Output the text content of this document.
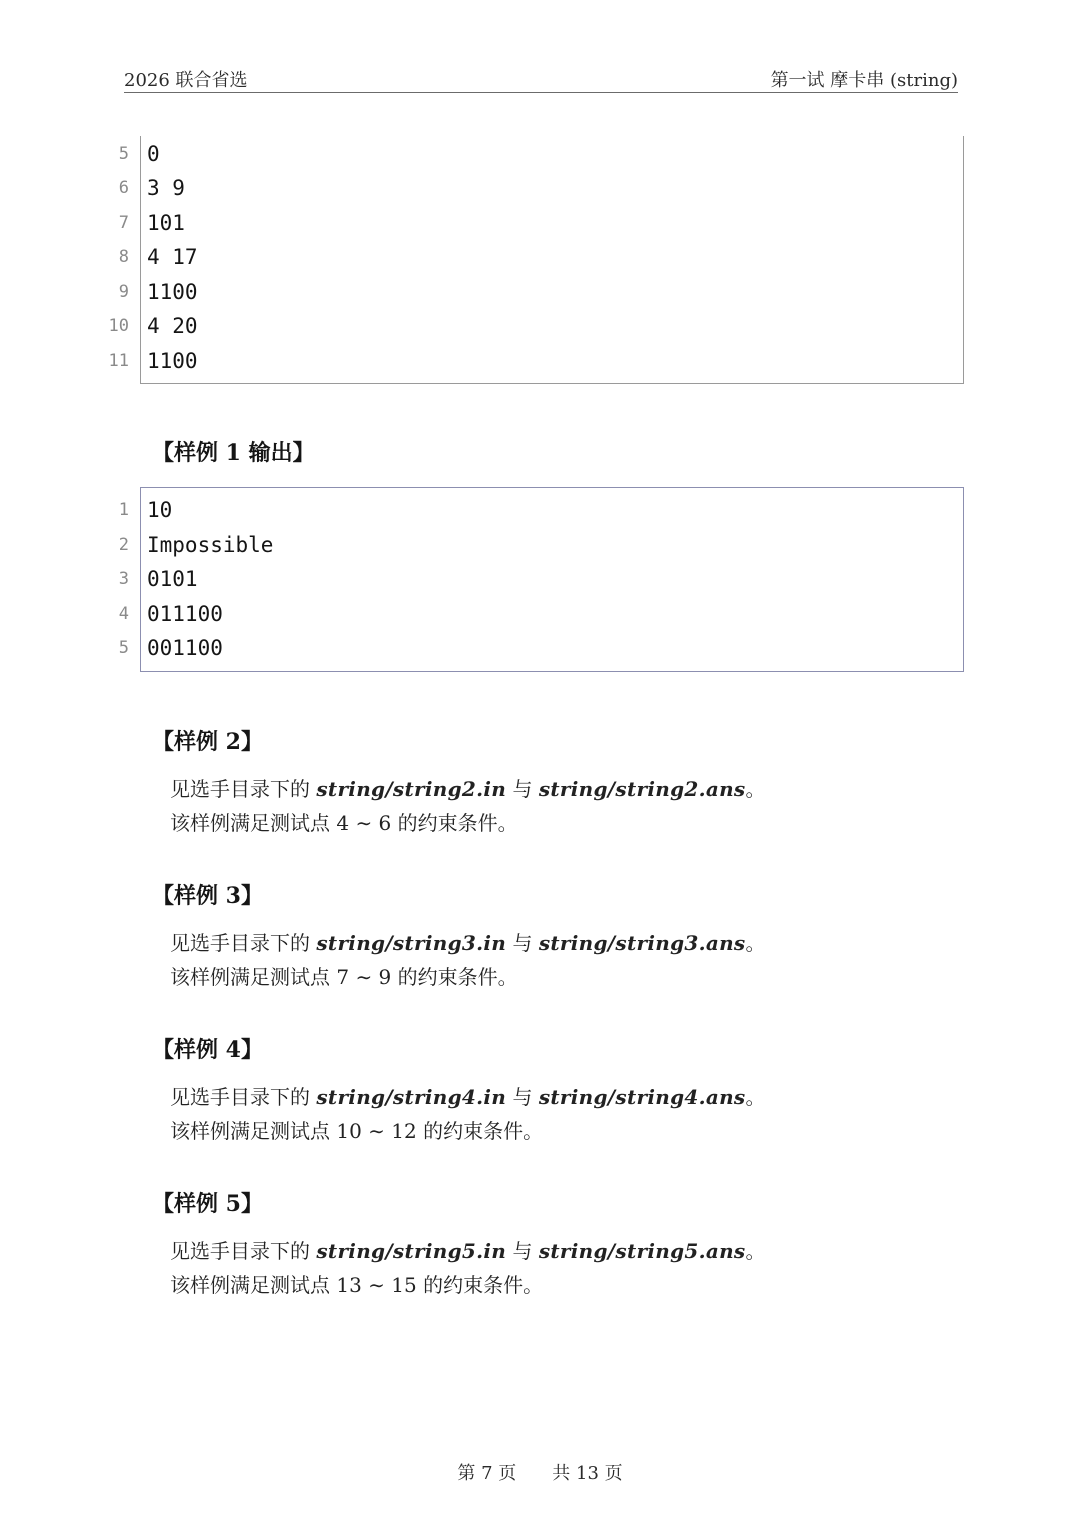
2026 联合省选	第一试 摩卡串 (string)
5 0
6 3 9
7 101
8 4 17
9 1100
10 4 20
11 1100
【样例 1 输出】
1 10
2 Impossible
3 0101
4 011100
5 001100
【样例 2】
见选手目录下的 string/string2.in 与 string/string2.ans。
该样例满足测试点 4 ∼ 6 的约束条件。
【样例 3】
见选手目录下的 string/string3.in 与 string/string3.ans。
该样例满足测试点 7 ∼ 9 的约束条件。
【样例 4】
见选手目录下的 string/string4.in 与 string/string4.ans。
该样例满足测试点 10 ∼ 12 的约束条件。
【样例 5】
见选手目录下的 string/string5.in 与 string/string5.ans。
该样例满足测试点 13 ∼ 15 的约束条件。
第 7 页 共 13 页
